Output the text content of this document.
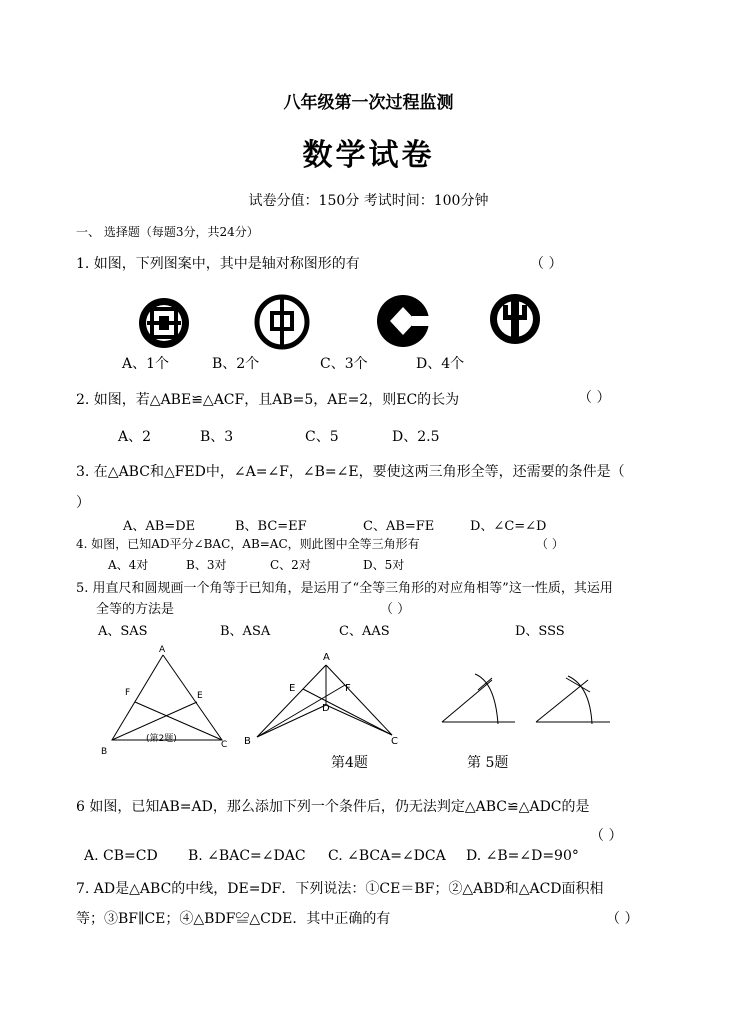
八年级第一次过程监测
数学试卷
试卷分值：150分 考试时间：100分钟
一、 选择题（每题3分，共24分）
1. 如图，下列图案中，其中是轴对称图形的有	（ ）
A、1个	B、2个	C、3个	D、4个
2. 如图，若△ABE≌△ACF，且AB=5，AE=2，则EC的长为	（ ）
A、2	B、3	C、5	D、2.5
3. 在△ABC和△FED中，∠A=∠F，∠B=∠E，要使这两三角形全等，还需要的条件是（
）
A、AB=DE	B、BC=EF	C、AB=FE	D、∠C=∠D
4. 如图，已知AD平分∠BAC，AB=AC，则此图中全等三角形有	（ ）
A、4对	B、3对	C、2对	D、5对
5. 用直尺和圆规画一个角等于已知角，是运用了“全等三角形的对应角相等”这一性质，其运用
全等的方法是	（ ）
A、SAS	B、ASA	C、AAS	D、SSS
A
F	E
B
C
(第2题)
A
E	F
D
B	C
第4题	第 5题
6 如图，已知AB=AD，那么添加下列一个条件后，仍无法判定△ABC≌△ADC的是
（ ）
A. CB=CD B. ∠BAC=∠DAC C. ∠BCA=∠DCA D. ∠B=∠D=90°
7. AD是△ABC的中线，DE=DF．下列说法：①CE＝BF；②△ABD和△ACD面积相
等；③BF∥CE；④△BDF≌△CDE．其中正确的有	（ ）
